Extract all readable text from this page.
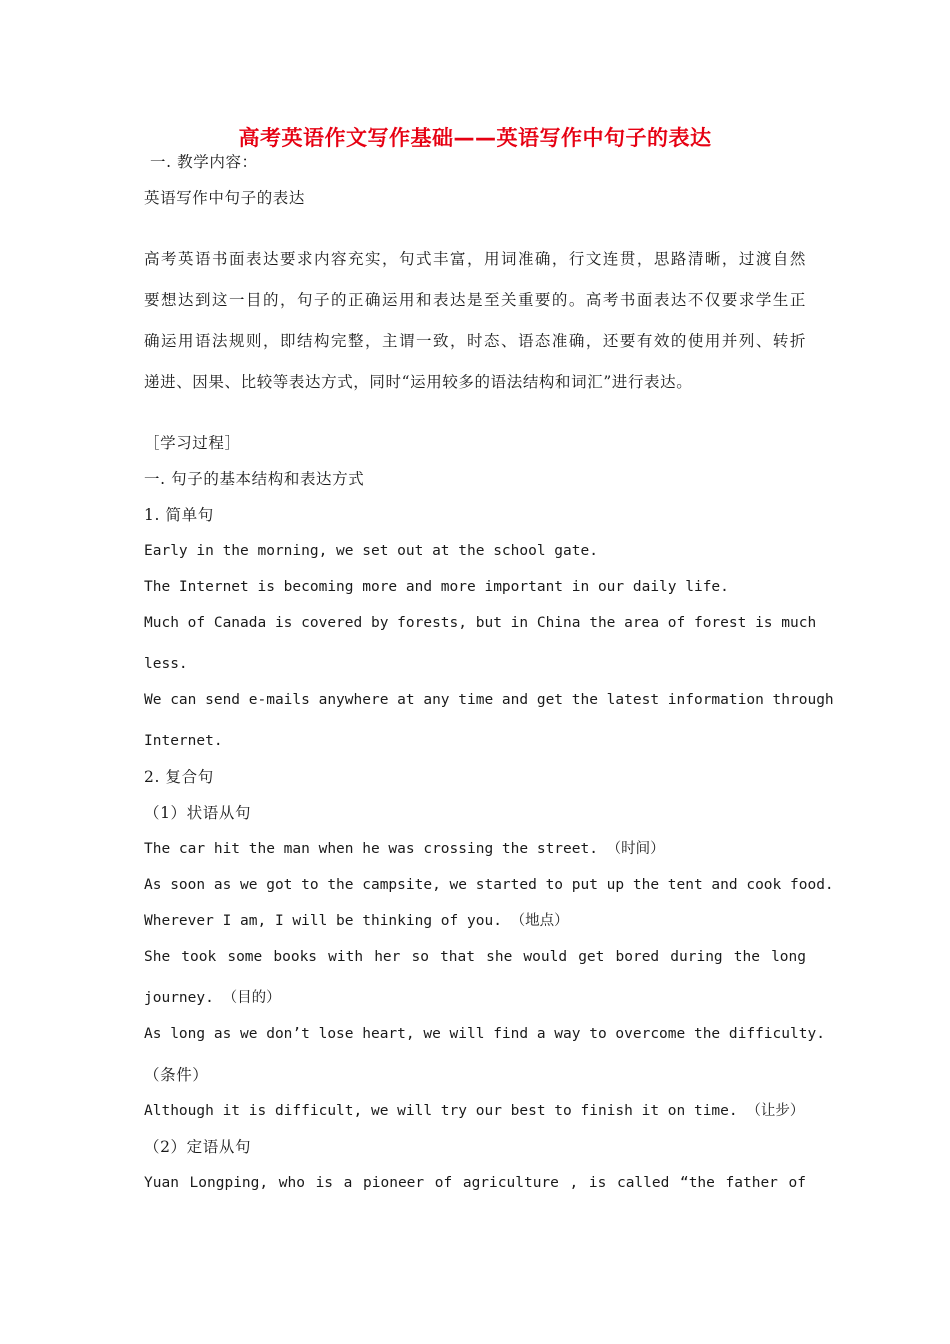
高考英语作文写作基础——英语写作中句子的表达
一. 教学内容：
英语写作中句子的表达
高考英语书面表达要求内容充实，句式丰富，用词准确，行文连贯，思路清晰，过渡自然
要想达到这一目的，句子的正确运用和表达是至关重要的。高考书面表达不仅要求学生正
确运用语法规则，即结构完整，主谓一致，时态、语态准确，还要有效的使用并列、转折
递进、因果、比较等表达方式，同时“运用较多的语法结构和词汇”进行表达。
［学习过程］
一. 句子的基本结构和表达方式
1. 简单句
Early in the morning, we set out at the school gate.
The Internet is becoming more and more important in our daily life.
Much of Canada is covered by forests, but in China the area of forest is much
less.
We can send e-mails anywhere at any time and get the latest information through
Internet.
2. 复合句
（1）状语从句
The car hit the man when he was crossing the street. （时间）
As soon as we got to the campsite, we started to put up the tent and cook food.
Wherever I am, I will be thinking of you. （地点）
She took some books with her so that she would get bored during the long
journey. （目的）
As long as we don’t lose heart, we will find a way to overcome the difficulty.
（条件）
Although it is difficult, we will try our best to finish it on time. （让步）
（2）定语从句
Yuan Longping, who is a pioneer of agriculture , is called “the father of
